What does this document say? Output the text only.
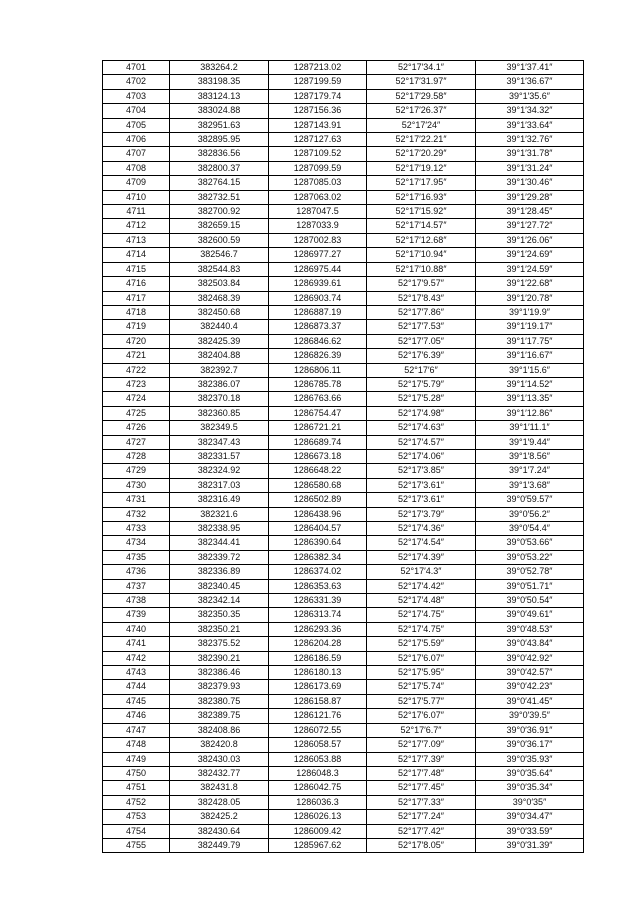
4701	383264.2	1287213.02	52°17′34.1″	39°1′37.41″
4702	383198.35	1287199.59	52°17′31.97″	39°1′36.67″
4703	383124.13	1287179.74	52°17′29.58″	39°1′35.6″
4704	383024.88	1287156.36	52°17′26.37″	39°1′34.32″
4705	382951.63	1287143.91	52°17′24″	39°1′33.64″
4706	382895.95	1287127.63	52°17′22.21″	39°1′32.76″
4707	382836.56	1287109.52	52°17′20.29″	39°1′31.78″
4708	382800.37	1287099.59	52°17′19.12″	39°1′31.24″
4709	382764.15	1287085.03	52°17′17.95″	39°1′30.46″
4710	382732.51	1287063.02	52°17′16.93″	39°1′29.28″
4711	382700.92	1287047.5	52°17′15.92″	39°1′28.45″
4712	382659.15	1287033.9	52°17′14.57″	39°1′27.72″
4713	382600.59	1287002.83	52°17′12.68″	39°1′26.06″
4714	382546.7	1286977.27	52°17′10.94″	39°1′24.69″
4715	382544.83	1286975.44	52°17′10.88″	39°1′24.59″
4716	382503.84	1286939.61	52°17′9.57″	39°1′22.68″
4717	382468.39	1286903.74	52°17′8.43″	39°1′20.78″
4718	382450.68	1286887.19	52°17′7.86″	39°1′19.9″
4719	382440.4	1286873.37	52°17′7.53″	39°1′19.17″
4720	382425.39	1286846.62	52°17′7.05″	39°1′17.75″
4721	382404.88	1286826.39	52°17′6.39″	39°1′16.67″
4722	382392.7	1286806.11	52°17′6″	39°1′15.6″
4723	382386.07	1286785.78	52°17′5.79″	39°1′14.52″
4724	382370.18	1286763.66	52°17′5.28″	39°1′13.35″
4725	382360.85	1286754.47	52°17′4.98″	39°1′12.86″
4726	382349.5	1286721.21	52°17′4.63″	39°1′11.1″
4727	382347.43	1286689.74	52°17′4.57″	39°1′9.44″
4728	382331.57	1286673.18	52°17′4.06″	39°1′8.56″
4729	382324.92	1286648.22	52°17′3.85″	39°1′7.24″
4730	382317.03	1286580.68	52°17′3.61″	39°1′3.68″
4731	382316.49	1286502.89	52°17′3.61″	39°0′59.57″
4732	382321.6	1286438.96	52°17′3.79″	39°0′56.2″
4733	382338.95	1286404.57	52°17′4.36″	39°0′54.4″
4734	382344.41	1286390.64	52°17′4.54″	39°0′53.66″
4735	382339.72	1286382.34	52°17′4.39″	39°0′53.22″
4736	382336.89	1286374.02	52°17′4.3″	39°0′52.78″
4737	382340.45	1286353.63	52°17′4.42″	39°0′51.71″
4738	382342.14	1286331.39	52°17′4.48″	39°0′50.54″
4739	382350.35	1286313.74	52°17′4.75″	39°0′49.61″
4740	382350.21	1286293.36	52°17′4.75″	39°0′48.53″
4741	382375.52	1286204.28	52°17′5.59″	39°0′43.84″
4742	382390.21	1286186.59	52°17′6.07″	39°0′42.92″
4743	382386.46	1286180.13	52°17′5.95″	39°0′42.57″
4744	382379.93	1286173.69	52°17′5.74″	39°0′42.23″
4745	382380.75	1286158.87	52°17′5.77″	39°0′41.45″
4746	382389.75	1286121.76	52°17′6.07″	39°0′39.5″
4747	382408.86	1286072.55	52°17′6.7″	39°0′36.91″
4748	382420.8	1286058.57	52°17′7.09″	39°0′36.17″
4749	382430.03	1286053.88	52°17′7.39″	39°0′35.93″
4750	382432.77	1286048.3	52°17′7.48″	39°0′35.64″
4751	382431.8	1286042.75	52°17′7.45″	39°0′35.34″
4752	382428.05	1286036.3	52°17′7.33″	39°0′35″
4753	382425.2	1286026.13	52°17′7.24″	39°0′34.47″
4754	382430.64	1286009.42	52°17′7.42″	39°0′33.59″
4755	382449.79	1285967.62	52°17′8.05″	39°0′31.39″
